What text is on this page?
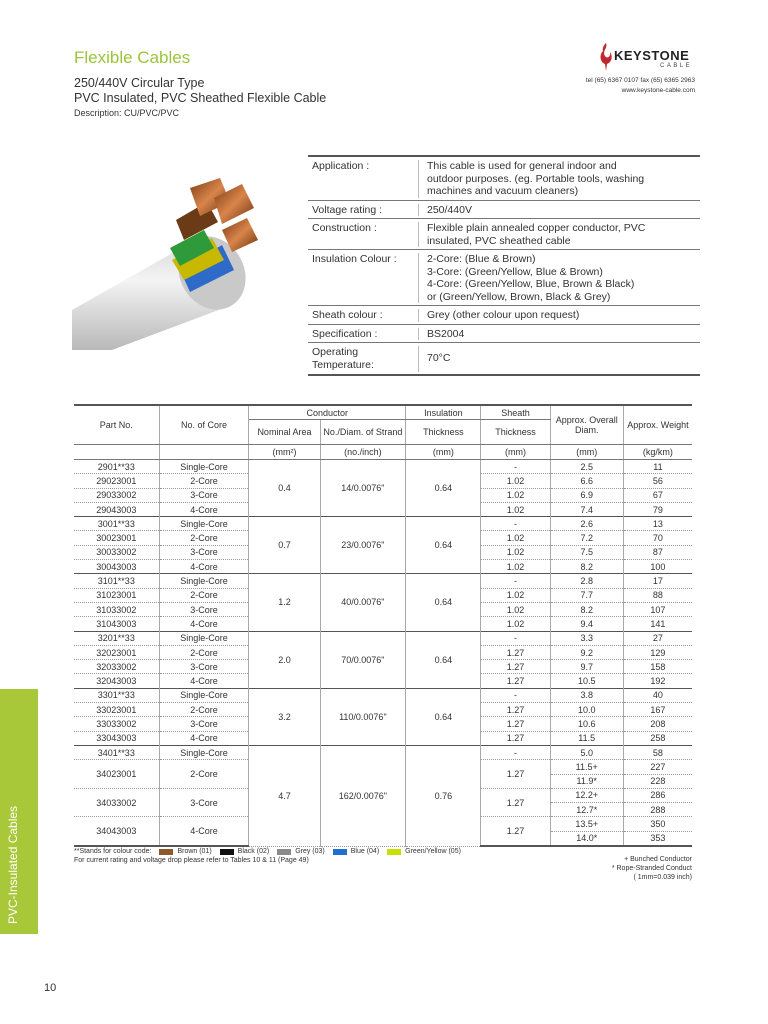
Flexible Cables
250/440V Circular Type
PVC Insulated, PVC Sheathed Flexible Cable
Description: CU/PVC/PVC
KEYSTONE
CABLE
tel (65) 6367 0107 fax (65) 6365 2963
www.keystone-cable.com
Application :	This cable is used for general indoor and
outdoor purposes. (eg. Portable tools, washing
machines and vacuum cleaners)
Voltage rating :	250/440V
Construction :	Flexible plain annealed copper conductor, PVC
insulated, PVC sheathed cable
Insulation Colour :	2-Core: (Blue & Brown)
3-Core: (Green/Yellow, Blue & Brown)
4-Core: (Green/Yellow, Blue, Brown & Black)
or (Green/Yellow, Brown, Black & Grey)
Sheath colour :	Grey (other colour upon request)
Specification :	BS2004
Operating Temperature:
70°C
Part No.	No. of Core	Conductor		Insulation	Sheath	Approx. Overall Diam.	Approx. Weight
		Nominal Area	No./Diam. of Strand	Thickness	Thickness		
		(mm²)	(no./inch)	(mm)	(mm)	(mm)	(kg/km)
2901**33	Single-Core	0.4	14/0.0076"	0.64	-	2.5	11
29023001	2-Core				1.02	6.6	56
29033002	3-Core				1.02	6.9	67
29043003	4-Core				1.02	7.4	79
3001**33	Single-Core	0.7	23/0.0076"	0.64	-	2.6	13
30023001	2-Core				1.02	7.2	70
30033002	3-Core				1.02	7.5	87
30043003	4-Core				1.02	8.2	100
3101**33	Single-Core	1.2	40/0.0076"	0.64	-	2.8	17
31023001	2-Core				1.02	7.7	88
31033002	3-Core				1.02	8.2	107
31043003	4-Core				1.02	9.4	141
3201**33	Single-Core	2.0	70/0.0076"	0.64	-	3.3	27
32023001	2-Core				1.27	9.2	129
32033002	3-Core				1.27	9.7	158
32043003	4-Core				1.27	10.5	192
3301**33	Single-Core	3.2	110/0.0076"	0.64	-	3.8	40
33023001	2-Core				1.27	10.0	167
33033002	3-Core				1.27	10.6	208
33043003	4-Core				1.27	11.5	258
3401**33	Single-Core	4.7	162/0.0076"	0.76	-	5.0	58
34023001	2-Core				1.27	11.5+	227
						11.9*	228
34033002	3-Core				1.27	12.2+	286
						12.7*	288
34043003	4-Core				1.27	13.5+	350
						14.0*	353
**Stands for colour code:	Brown (01)	Black (02)	Grey (03)	Blue (04)	Green/Yellow (05)
For current rating and voltage drop please refer to Tables 10 & 11 (Page 49)	+ Bunched Conductor
* Rope-Stranded Conduct
( 1mm=0.039 inch)
PVC-Insulated Cables
10
